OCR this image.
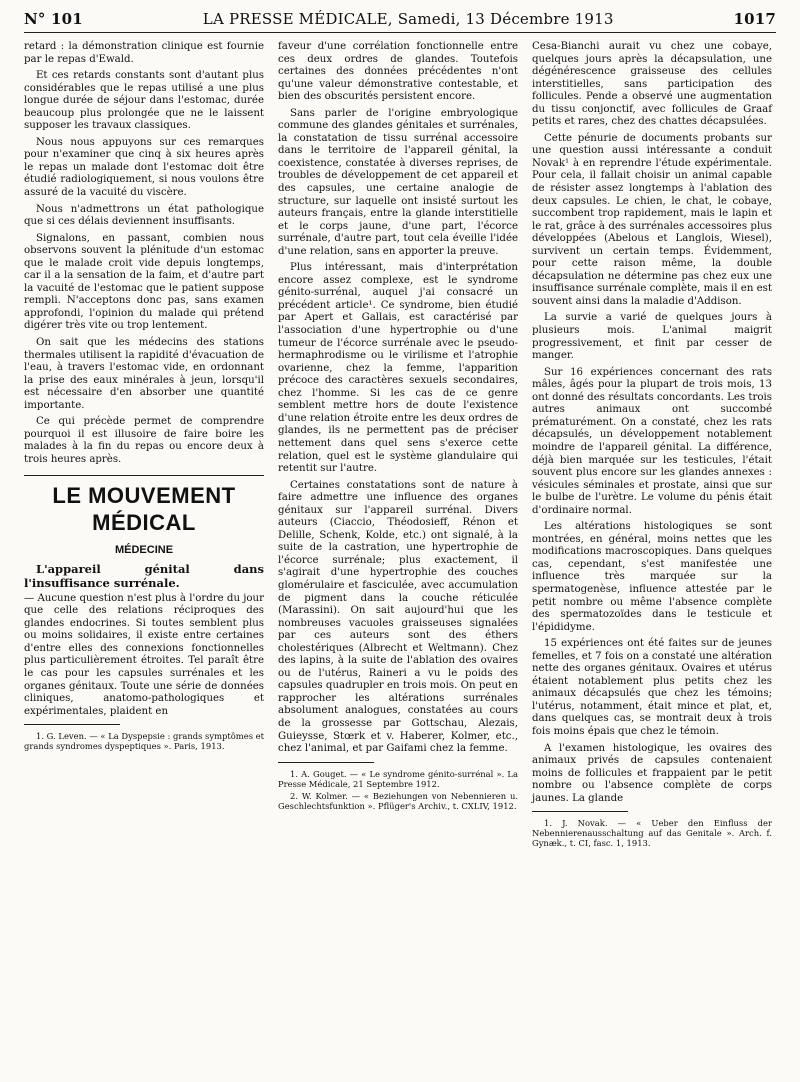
N° 101	LA PRESSE MÉDICALE, Samedi, 13 Décembre 1913	1017

retard : la démonstration clinique est fournie par le repas d'Ewald.

Et ces retards constants sont d'autant plus considérables que le repas utilisé a une plus longue durée de séjour dans l'estomac, durée beaucoup plus prolongée que ne le laissent supposer les travaux classiques.

Nous nous appuyons sur ces remarques pour n'examiner que cinq à six heures après le repas un malade dont l'estomac doit être étudié radiologiquement, si nous voulons être assuré de la vacuité du viscère.

Nous n'admettrons un état pathologique que si ces délais deviennent insuffisants.

Signalons, en passant, combien nous observons souvent la plénitude d'un estomac que le malade croit vide depuis longtemps, car il a la sensation de la faim, et d'autre part la vacuité de l'estomac que le patient suppose rempli. N'acceptons donc pas, sans examen approfondi, l'opinion du malade qui prétend digérer très vite ou trop lentement.

On sait que les médecins des stations thermales utilisent la rapidité d'évacuation de l'eau, à travers l'estomac vide, en ordonnant la prise des eaux minérales à jeun, lorsqu'il est nécessaire d'en absorber une quantité importante.

Ce qui précède permet de comprendre pourquoi il est illusoire de faire boire les malades à la fin du repas ou encore deux à trois heures après.

LE MOUVEMENT MÉDICAL
MÉDECINE
L'appareil génital dans l'insuffisance surrénale.

— Aucune question n'est plus à l'ordre du jour que celle des relations réciproques des glandes endocrines. Si toutes semblent plus ou moins solidaires, il existe entre certaines d'entre elles des connexions fonctionnelles plus particulièrement étroites. Tel paraît être le cas pour les capsules surrénales et les organes génitaux. Toute une série de données cliniques, anatomo-pathologiques et expérimentales, plaident en

1. G. Leven. — « La Dyspepsie : grands symptômes et grands syndromes dyspeptiques ». Paris, 1913.

faveur d'une corrélation fonctionnelle entre ces deux ordres de glandes. Toutefois certaines des données précédentes n'ont qu'une valeur démonstrative contestable, et bien des obscurités persistent encore.

Sans parler de l'origine embryologique commune des glandes génitales et surrénales, la constatation de tissu surrénal accessoire dans le territoire de l'appareil génital, la coexistence, constatée à diverses reprises, de troubles de développement de cet appareil et des capsules, une certaine analogie de structure, sur laquelle ont insisté surtout les auteurs français, entre la glande interstitielle et le corps jaune, d'une part, l'écorce surrénale, d'autre part, tout cela éveille l'idée d'une relation, sans en apporter la preuve.

Plus intéressant, mais d'interprétation encore assez complexe, est le syndrome génito-surrénal, auquel j'ai consacré un précédent article¹. Ce syndrome, bien étudié par Apert et Gallais, est caractérisé par l'association d'une hypertrophie ou d'une tumeur de l'écorce surrénale avec le pseudo-hermaphrodisme ou le virilisme et l'atrophie ovarienne, chez la femme, l'apparition précoce des caractères sexuels secondaires, chez l'homme. Si les cas de ce genre semblent mettre hors de doute l'existence d'une relation étroite entre les deux ordres de glandes, ils ne permettent pas de préciser nettement dans quel sens s'exerce cette relation, quel est le système glandulaire qui retentit sur l'autre.

Certaines constatations sont de nature à faire admettre une influence des organes génitaux sur l'appareil surrénal. Divers auteurs (Ciaccio, Théodosieff, Rénon et Delille, Schenk, Kolde, etc.) ont signalé, à la suite de la castration, une hypertrophie de l'écorce surrénale; plus exactement, il s'agirait d'une hypertrophie des couches glomérulaire et fasciculée, avec accumulation de pigment dans la couche réticulée (Marassini). On sait aujourd'hui que les nombreuses vacuoles graisseuses signalées par ces auteurs sont des éthers cholestériques (Albrecht et Weltmann). Chez des lapins, à la suite de l'ablation des ovaires ou de l'utérus, Raineri a vu le poids des capsules quadrupler en trois mois. On peut en rapprocher les altérations surrénales absolument analogues, constatées au cours de la grossesse par Gottschau, Alezais, Guieysse, Stœrk et v. Haberer, Kolmer, etc., chez l'animal, et par Gaifami chez la femme.

1. A. Gouget. — « Le syndrome génito-surrénal ». La Presse Médicale, 21 Septembre 1912.

2. W. Kolmer. — « Beziehungen von Nebennieren u. Geschlechtsfunktion ». Pflüger's Archiv., t. CXLIV, 1912.

Cesa-Bianchi aurait vu chez une cobaye, quelques jours après la décapsulation, une dégénérescence graisseuse des cellules interstitielles, sans participation des follicules. Pende a observé une augmentation du tissu conjonctif, avec follicules de Graaf petits et rares, chez des chattes décapsulées.

Cette pénurie de documents probants sur une question aussi intéressante a conduit Novak¹ à en reprendre l'étude expérimentale. Pour cela, il fallait choisir un animal capable de résister assez longtemps à l'ablation des deux capsules. Le chien, le chat, le cobaye, succombent trop rapidement, mais le lapin et le rat, grâce à des surrénales accessoires plus développées (Abelous et Langlois, Wiesel), survivent un certain temps. Évidemment, pour cette raison même, la double décapsulation ne détermine pas chez eux une insuffisance surrénale complète, mais il en est souvent ainsi dans la maladie d'Addison.

La survie a varié de quelques jours à plusieurs mois. L'animal maigrit progressivement, et finit par cesser de manger.

Sur 16 expériences concernant des rats mâles, âgés pour la plupart de trois mois, 13 ont donné des résultats concordants. Les trois autres animaux ont succombé prématurément. On a constaté, chez les rats décapsulés, un développement notablement moindre de l'appareil génital. La différence, déjà bien marquée sur les testicules, l'était souvent plus encore sur les glandes annexes : vésicules séminales et prostate, ainsi que sur le bulbe de l'urètre. Le volume du pénis était d'ordinaire normal.

Les altérations histologiques se sont montrées, en général, moins nettes que les modifications macroscopiques. Dans quelques cas, cependant, s'est manifestée une influence très marquée sur la spermatogenèse, influence attestée par le petit nombre ou même l'absence complète des spermatozoïdes dans le testicule et l'épididyme.

15 expériences ont été faites sur de jeunes femelles, et 7 fois on a constaté une altération nette des organes génitaux. Ovaires et utérus étaient notablement plus petits chez les animaux décapsulés que chez les témoins; l'utérus, notamment, était mince et plat, et, dans quelques cas, se montrait deux à trois fois moins épais que chez le témoin.

A l'examen histologique, les ovaires des animaux privés de capsules contenaient moins de follicules et frappaient par le petit nombre ou l'absence complète de corps jaunes. La glande

1. J. Novak. — « Ueber den Einfluss der Nebennierenausschaltung auf das Genitale ». Arch. f. Gynæk., t. CI, fasc. 1, 1913.
